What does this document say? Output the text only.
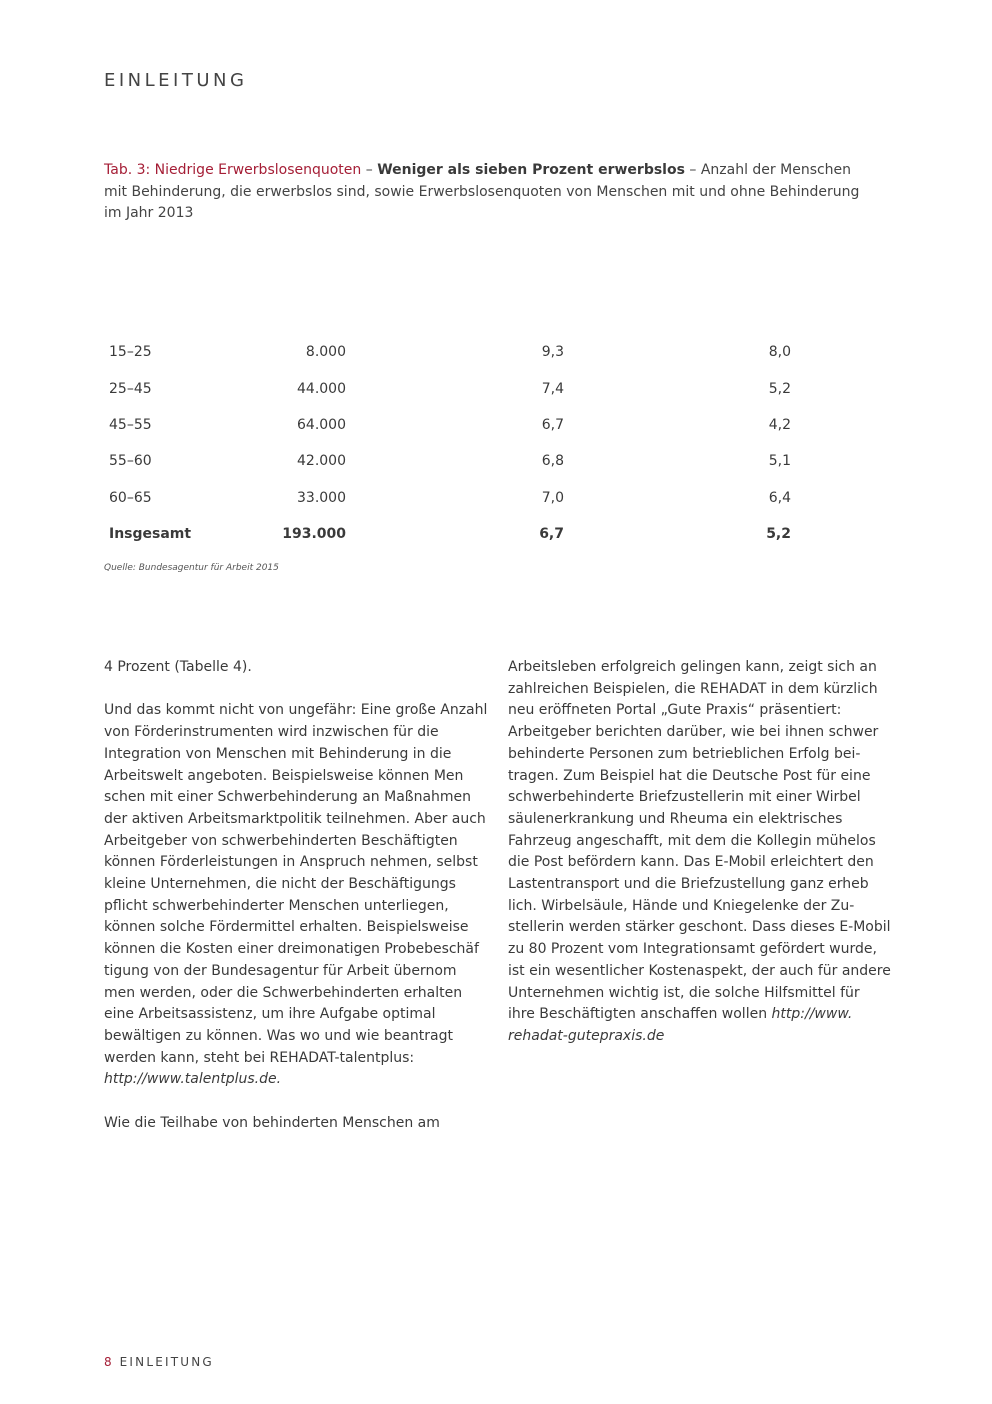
EINLEITUNG
Tab. 3: Niedrige Erwerbslosenquoten – Weniger als sieben Prozent erwerbslos – Anzahl der Menschen mit Behinderung, die erwerbslos sind, sowie Erwerbslosenquoten von Menschen mit und ohne Behinderung im Jahr 2013
15–25	8.000	9,3	8,0
25–45	44.000	7,4	5,2
45–55	64.000	6,7	4,2
55–60	42.000	6,8	5,1
60–65	33.000	7,0	6,4
Insgesamt	193.000	6,7	5,2
Quelle: Bundesagentur für Arbeit 2015

4 Prozent (Tabelle 4).

Und das kommt nicht von ungefähr: Eine große Anzahl
von Förderinstrumenten wird inzwischen für die
Integration von Menschen mit Behinderung in die
Arbeitswelt angeboten. Beispielsweise können Men
schen mit einer Schwerbehinderung an Maßnahmen
der aktiven Arbeitsmarktpolitik teilnehmen. Aber auch
Arbeitgeber von schwerbehinderten Beschäftigten
können Förderleistungen in Anspruch nehmen, selbst
kleine Unternehmen, die nicht der Beschäftigungs
pflicht schwerbehinderter Menschen unterliegen,
können solche Fördermittel erhalten. Beispielsweise
können die Kosten einer dreimonatigen Probebeschäf
tigung von der Bundesagentur für Arbeit übernom
men werden, oder die Schwerbehinderten erhalten
eine Arbeitsassistenz, um ihre Aufgabe optimal
bewältigen zu können. Was wo und wie beantragt
werden kann, steht bei REHADAT-talentplus:
http://www.talentplus.de.

Wie die Teilhabe von behinderten Menschen am

Arbeitsleben erfolgreich gelingen kann, zeigt sich an
zahlreichen Beispielen, die REHADAT in dem kürzlich
neu eröffneten Portal „Gute Praxis“ präsentiert:
Arbeitgeber berichten darüber, wie bei ihnen schwer
behinderte Personen zum betrieblichen Erfolg bei-
tragen. Zum Beispiel hat die Deutsche Post für eine
schwerbehinderte Briefzustellerin mit einer Wirbel
säulenerkrankung und Rheuma ein elektrisches
Fahrzeug angeschafft, mit dem die Kollegin mühelos
die Post befördern kann. Das E-Mobil erleichtert den
Lastentransport und die Briefzustellung ganz erheb
lich. Wirbelsäule, Hände und Kniegelenke der Zu-
stellerin werden stärker geschont. Dass dieses E-Mobil
zu 80 Prozent vom Integrationsamt gefördert wurde,
ist ein wesentlicher Kostenaspekt, der auch für andere
Unternehmen wichtig ist, die solche Hilfsmittel für
ihre Beschäftigten anschaffen wollen http://www.
rehadat-gutepraxis.de

8 EINLEITUNG
